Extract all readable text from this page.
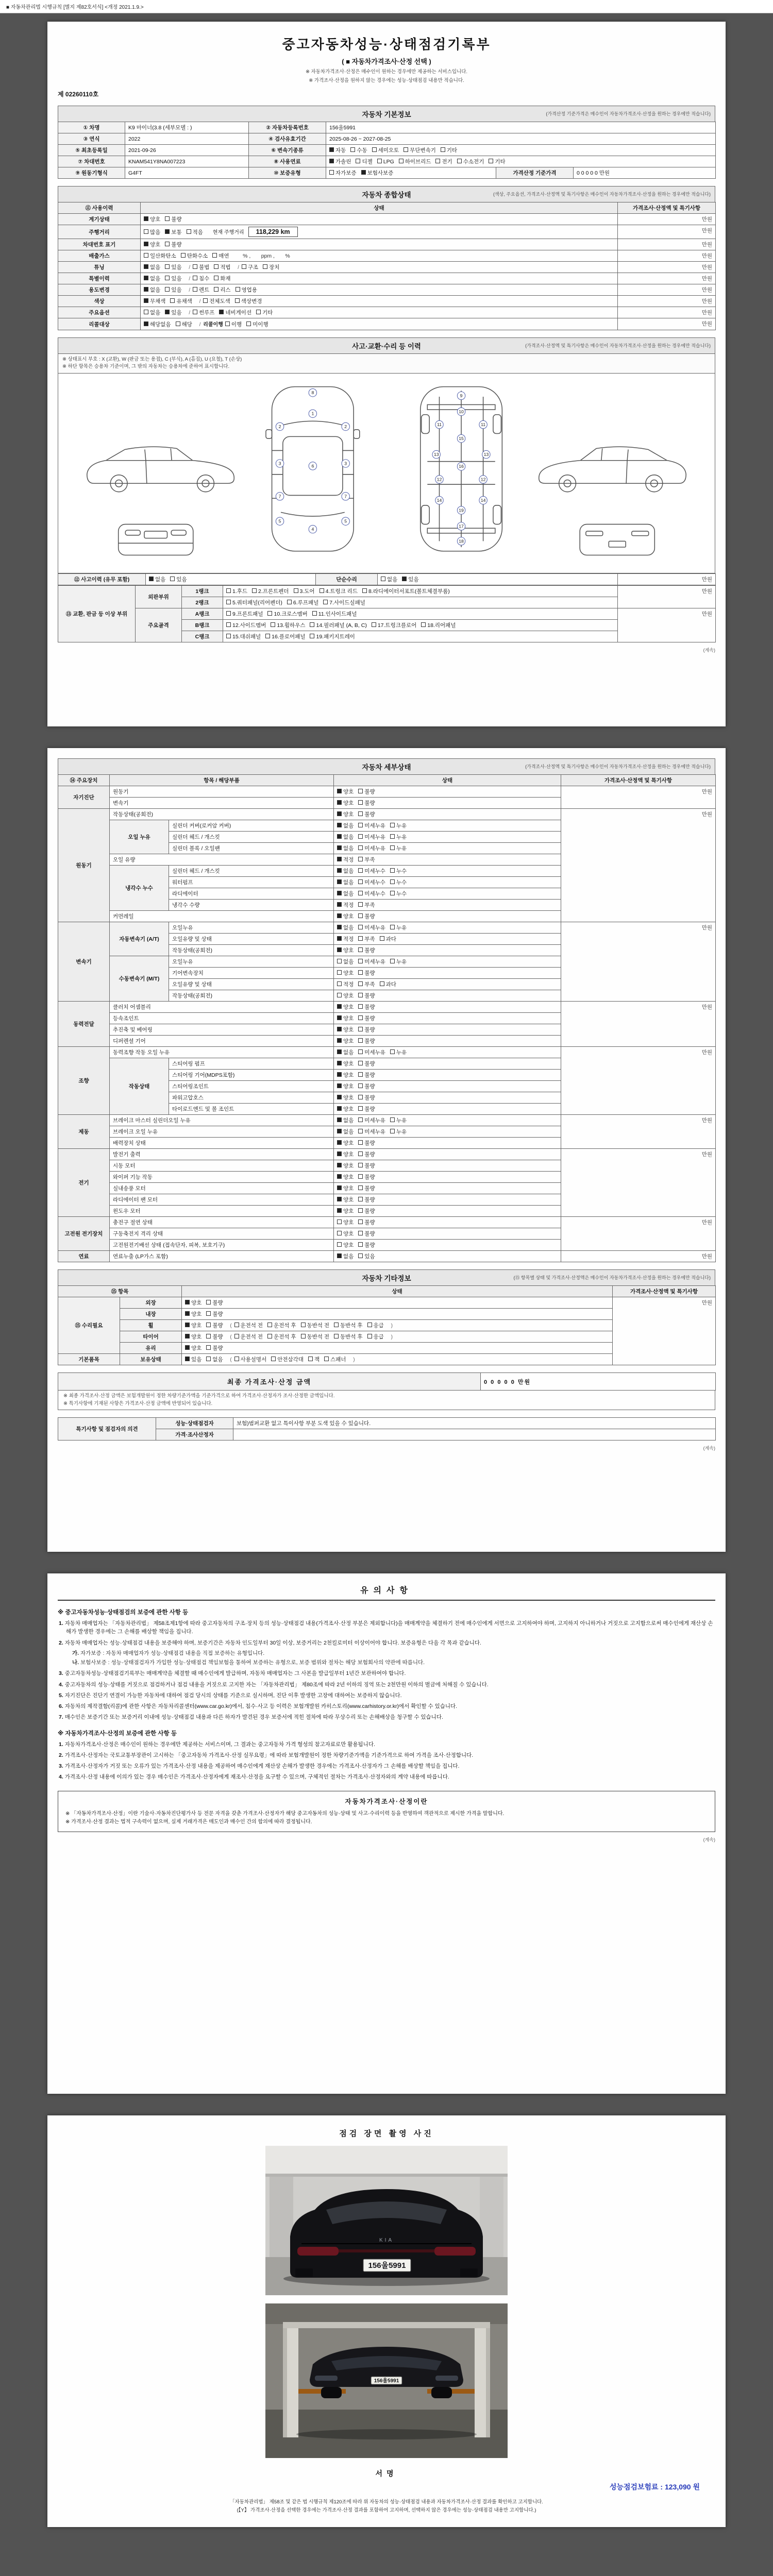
■ 자동차관리법 시행규칙 [별지 제82호서식] <개정 2021.1.9.>
중고자동차성능·상태점검기록부
( ■ 자동차가격조사·산정 선택 )
※ 자동차가격조사·산정은 매수인이 원하는 경우에만 제공하는 서비스입니다.
※ 가격조사·산정을 원하지 않는 경우에는 성능·상태점검 내용만 적습니다.
제 02260110호
자동차 기본정보	(가격산정 기준가격은 매수인이 자동차가격조사·산정을 원하는 경우에만 적습니다)
① 차명	K9 마이너(3.8 (세부모델 : )	② 자동차등록번호	156울5991		
③ 연식	2022	④ 검사유효기간	2025-08-26 ~ 2027-08-25		
⑤ 최초등록일	2021-09-26	⑥ 변속기종류	자동 수동 세미오토 무단변속기 기타		
⑦ 차대번호	KNAM541Y8NA007223	⑧ 사용연료	가솔린 디젤 LPG 하이브리드 전기 수소전기 기타		
⑨ 원동기형식	G4FT	⑩ 보증유형	자가보증 보험사보증	가격산정 기준가격	0 0 0 0 0 만원
자동차 종합상태	(색상, 주요옵션, 가격조사·산정액 및 특기사항은 매수인이 자동차가격조사·산정을 원하는 경우에만 적습니다)
⑪ 사용이력	상태	가격조사·산정액 및 특기사항
계기상태	양호 불량	만원
주행거리	많음 보통 적음 현재 주행거리 118,229 km	만원
차대번호 표기	양호 불량	만원
배출가스	일산화탄소 탄화수소 매연      % ,       ppm ,       %	만원
튜닝	없음 있음 / 불법 적법 / 구조 장치	만원
특별이력	없음 있음 / 침수 화재	만원
용도변경	없음 있음 / 렌트 리스 영업용	만원
색상	무채색 유채색 / 전체도색 색상변경	만원
주요옵션	없음 있음 / 썬루프 네비게이션 기타	만원
리콜대상	해당없음 해당 / 리콜이행 이행 미이행	만원
사고·교환·수리 등 이력	(가격조사·산정액 및 특기사항은 매수인이 자동차가격조사·산정을 원하는 경우에만 적습니다)
※ 상태표시 부호 : X (교환), W (판금 또는 용접), C (부식), A (흠집), U (요철), T (손상)
※ 하단 항목은 승용차 기준이며, 그 밖의 자동차는 승용차에 준하여 표시합니다.
8
1
2	2
3	3
6
7	7
5	5
4
9
10
11	11
15
13	13
16
12	12
14	14
19
17
18
⑫ 사고이력 (유무 포함)	없음 있음	단순수리	없음 있음	만원
⑬ 교환, 판금 등 이상 부위	외판부위	1랭크	1.후드 2.프론트펜더 3.도어 4.트렁크 리드 8.라디에이터서포트(볼트체결부품)	만원
		2랭크	5.쿼터패널(리어펜더) 6.루프패널 7.사이드실패널	
	주요골격	A랭크	9.프론트패널 10.크로스멤버 11.인사이드패널	만원
		B랭크	12.사이드멤버 13.휠하우스 14.필러패널 (A, B, C) 17.트렁크플로어 18.리어패널	
		C랭크	15.대쉬패널 16.플로어패널 19.패키지트레이	
(계속)
자동차 세부상태	(가격조사·산정액 및 특기사항은 매수인이 자동차가격조사·산정을 원하는 경우에만 적습니다)
⑭ 주요장치	항목 / 해당부품		상태	가격조사·산정액 및 특기사항
자기진단	원동기		양호 불량	만원
	변속기		양호 불량	
원동기	작동상태(공회전)		양호 불량	만원
	오일 누유	실린더 커버(로커암 커버)	없음 미세누유 누유	
		실린더 헤드 / 개스킷	없음 미세누유 누유	
		실린더 블록 / 오일팬	없음 미세누유 누유	
	오일 유량		적정 부족	
	냉각수 누수	실린더 헤드 / 개스킷	없음 미세누수 누수	
		워터펌프	없음 미세누수 누수	
		라디에이터	없음 미세누수 누수	
		냉각수 수량	적정 부족	
	커먼레일		양호 불량	
변속기	자동변속기 (A/T)	오일누유	없음 미세누유 누유	만원
		오일유량 및 상태	적정 부족 과다	
		작동상태(공회전)	양호 불량	
	수동변속기 (M/T)	오일누유	없음 미세누유 누유	
		기어변속장치	양호 불량	
		오일유량 및 상태	적정 부족 과다	
		작동상태(공회전)	양호 불량	
동력전달	클러치 어셈블리		양호 불량	만원
	등속조인트		양호 불량	
	추진축 및 베어링		양호 불량	
	디퍼렌셜 기어		양호 불량	
조향	동력조향 작동 오일 누유		없음 미세누유 누유	만원
	작동상태	스티어링 펌프	양호 불량	
		스티어링 기어(MDPS포함)	양호 불량	
		스티어링조인트	양호 불량	
		파워고압호스	양호 불량	
		타이로드엔드 및 볼 조인트	양호 불량	
제동	브레이크 마스터 실린더오일 누유		없음 미세누유 누유	만원
	브레이크 오일 누유		없음 미세누유 누유	
	배력장치 상태		양호 불량	
전기	발전기 출력		양호 불량	만원
	시동 모터		양호 불량	
	와이퍼 기능 작동		양호 불량	
	실내송풍 모터		양호 불량	
	라디에이터 팬 모터		양호 불량	
	윈도우 모터		양호 불량	
고전원 전기장치	충전구 절연 상태		양호 불량	만원
	구동축전지 격리 상태		양호 불량	
	고전원전기배선 상태 (접속단자, 피복, 보호기구)		양호 불량	
연료	연료누출 (LP가스 포함)		없음 있음	만원
자동차 기타정보	(⑮ 항목별 상태 및 가격조사·산정액은 매수인이 자동차가격조사·산정을 원하는 경우에만 적습니다)
⑮ 항목		상태	가격조사·산정액 및 특기사항
⑮ 수리필요	외장	양호 불량	만원
	내장	양호 불량	
	휠	양호 불량 ( 운전석 전 운전석 후 동반석 전 동반석 후 응급 )	
	타이어	양호 불량 ( 운전석 전 운전석 후 동반석 전 동반석 후 응급 )	
	유리	양호 불량	
기본품목	보유상태	있음 없음 ( 사용설명서 안전삼각대 잭 스패너 )	
최종 가격조사·산정 금액	0 0 0 0 0 만원
※ 최종 가격조사·산정 금액은 보험개발원이 정한 차량기준가액을 기준가격으로 하여 가격조사·산정자가 조사·산정한 금액입니다.
※ 특기사항에 기재된 사항은 가격조사·산정 금액에 반영되어 있습니다.
특기사항 및 점검자의 의견	성능·상태점검자	보험)범퍼교환 없고 특이사항 부분 도색 있을 수 있습니다.
	가격·조사산정자	
(계속)
유의사항
※ 중고자동차성능·상태점검의 보증에 관한 사항 등
1. 자동차 매매업자는 「자동차관리법」 제58조제1항에 따라 중고자동차의 구조·장치 등의 성능·상태점검 내용(가격조사·산정 부분은 제외합니다)을 매매계약을 체결하기 전에 매수인에게 서면으로 고지하여야 하며, 고지하지 아니하거나 거짓으로 고지함으로써 매수인에게 재산상 손해가 발생한 경우에는 그 손해를 배상할 책임을 집니다.
2. 자동차 매매업자는 성능·상태점검 내용을 보증해야 하며, 보증기간은 자동차 인도일부터 30일 이상, 보증거리는 2천킬로미터 이상이어야 합니다. 보증유형은 다음 각 목과 같습니다.
가. 자가보증 : 자동차 매매업자가 성능·상태점검 내용을 직접 보증하는 유형입니다.
나. 보험사보증 : 성능·상태점검자가 가입한 성능·상태점검 책임보험을 통하여 보증하는 유형으로, 보증 범위와 절차는 해당 보험회사의 약관에 따릅니다.
3. 중고자동차성능·상태점검기록부는 매매계약을 체결할 때 매수인에게 발급하며, 자동차 매매업자는 그 사본을 발급일부터 1년간 보관하여야 합니다.
4. 중고자동차의 성능·상태를 거짓으로 점검하거나 점검 내용을 거짓으로 고지한 자는 「자동차관리법」 제80조에 따라 2년 이하의 징역 또는 2천만원 이하의 벌금에 처해질 수 있습니다.
5. 자기진단은 진단기 연결이 가능한 자동차에 대하여 점검 당시의 상태를 기준으로 실시하며, 진단 이후 발생한 고장에 대하여는 보증하지 않습니다.
6. 자동차의 제작결함(리콜)에 관한 사항은 자동차리콜센터(www.car.go.kr)에서, 침수·사고 등 이력은 보험개발원 카히스토리(www.carhistory.or.kr)에서 확인할 수 있습니다.
7. 매수인은 보증기간 또는 보증거리 이내에 성능·상태점검 내용과 다른 하자가 발견된 경우 보증서에 적힌 절차에 따라 무상수리 또는 손해배상을 청구할 수 있습니다.
※ 자동차가격조사·산정의 보증에 관한 사항 등
1. 자동차가격조사·산정은 매수인이 원하는 경우에만 제공하는 서비스이며, 그 결과는 중고자동차 가격 형성의 참고자료로만 활용됩니다.
2. 가격조사·산정자는 국토교통부장관이 고시하는 「중고자동차 가격조사·산정 실무요령」에 따라 보험개발원이 정한 차량기준가액을 기준가격으로 하여 가격을 조사·산정합니다.
3. 가격조사·산정자가 거짓 또는 오류가 있는 가격조사·산정 내용을 제공하여 매수인에게 재산상 손해가 발생한 경우에는 가격조사·산정자가 그 손해를 배상할 책임을 집니다.
4. 가격조사·산정 내용에 이의가 있는 경우 매수인은 가격조사·산정자에게 재조사·산정을 요구할 수 있으며, 구체적인 절차는 가격조사·산정자와의 계약 내용에 따릅니다.
자동차가격조사·산정이란
※ 「자동차가격조사·산정」이란 기술사·자동차진단평가사 등 전문 자격을 갖춘 가격조사·산정자가 해당 중고자동차의 성능·상태 및 사고·수리이력 등을 반영하여 객관적으로 제시한 가격을 말합니다.
※ 가격조사·산정 결과는 법적 구속력이 없으며, 실제 거래가격은 매도인과 매수인 간의 합의에 따라 결정됩니다.
(계속)
점검 장면 촬영 사진
KIA
156울5991
156울5991
서명
성능점검보험료 : 123,090 원
「자동차관리법」 제58조 및 같은 법 시행규칙 제120조에 따라 위 자동차의 성능·상태점검 내용과 자동차가격조사·산정 결과를 확인하고 고지합니다.
(【Y】 가격조사·산정을 선택한 경우에는 가격조사·산정 결과를 포함하여 고지하며, 선택하지 않은 경우에는 성능·상태점검 내용만 고지합니다.)
